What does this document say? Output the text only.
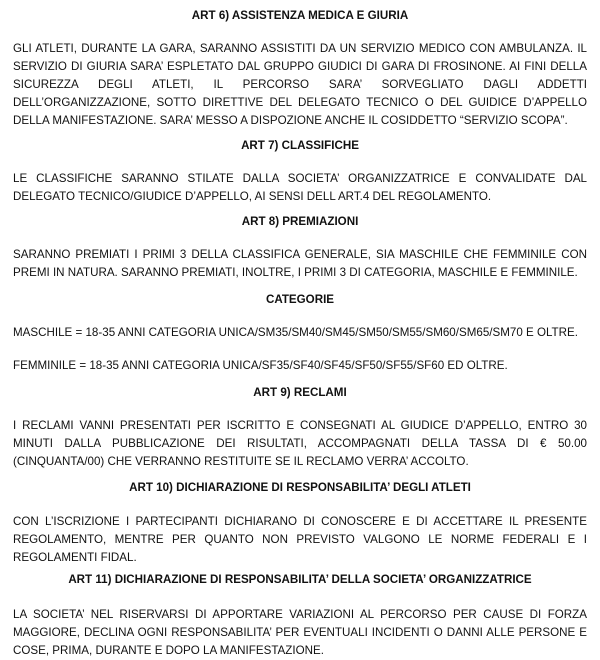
ART 6) ASSISTENZA MEDICA E GIURIA

GLI ATLETI, DURANTE LA GARA, SARANNO ASSISTITI DA UN SERVIZIO MEDICO CON AMBULANZA. IL SERVIZIO DI GIURIA SARA’ ESPLETATO DAL GRUPPO GIUDICI DI GARA DI FROSINONE. AI FINI DELLA SICUREZZA DEGLI ATLETI, IL PERCORSO SARA’ SORVEGLIATO DAGLI ADDETTI DELL’ORGANIZZAZIONE, SOTTO DIRETTIVE DEL DELEGATO TECNICO O DEL GUIDICE D’APPELLO DELLA MANIFESTAZIONE. SARA’ MESSO A DISPOZIONE ANCHE IL COSIDDETTO “SERVIZIO SCOPA”.

ART 7) CLASSIFICHE

LE CLASSIFICHE SARANNO STILATE DALLA SOCIETA’ ORGANIZZATRICE E CONVALIDATE DAL DELEGATO TECNICO/GIUDICE D’APPELLO, AI SENSI DELL ART.4 DEL REGOLAMENTO.

ART 8) PREMIAZIONI

SARANNO PREMIATI I PRIMI 3 DELLA CLASSIFICA GENERALE, SIA MASCHILE CHE FEMMINILE CON PREMI IN NATURA. SARANNO PREMIATI, INOLTRE, I PRIMI 3 DI CATEGORIA, MASCHILE E FEMMINILE.

CATEGORIE

MASCHILE = 18-35 ANNI CATEGORIA UNICA/SM35/SM40/SM45/SM50/SM55/SM60/SM65/SM70 E OLTRE.

FEMMINILE = 18-35 ANNI CATEGORIA UNICA/SF35/SF40/SF45/SF50/SF55/SF60 ED OLTRE.

ART 9) RECLAMI

I RECLAMI VANNI PRESENTATI PER ISCRITTO E CONSEGNATI AL GIUDICE D’APPELLO, ENTRO 30 MINUTI DALLA PUBBLICAZIONE DEI RISULTATI, ACCOMPAGNATI DELLA TASSA DI € 50.00 (CINQUANTA/00) CHE VERRANNO RESTITUITE SE IL RECLAMO VERRA’ ACCOLTO.

ART 10) DICHIARAZIONE DI RESPONSABILITA’ DEGLI ATLETI

CON L’ISCRIZIONE I PARTECIPANTI DICHIARANO DI CONOSCERE E DI ACCETTARE IL PRESENTE REGOLAMENTO, MENTRE PER QUANTO NON PREVISTO VALGONO LE NORME FEDERALI E I REGOLAMENTI FIDAL.

ART 11) DICHIARAZIONE DI RESPONSABILITA’ DELLA SOCIETA’ ORGANIZZATRICE

LA SOCIETA’ NEL RISERVARSI DI APPORTARE VARIAZIONI AL PERCORSO PER CAUSE DI FORZA MAGGIORE, DECLINA OGNI RESPONSABILITA’ PER EVENTUALI INCIDENTI O DANNI ALLE PERSONE E COSE, PRIMA, DURANTE E DOPO LA MANIFESTAZIONE.
